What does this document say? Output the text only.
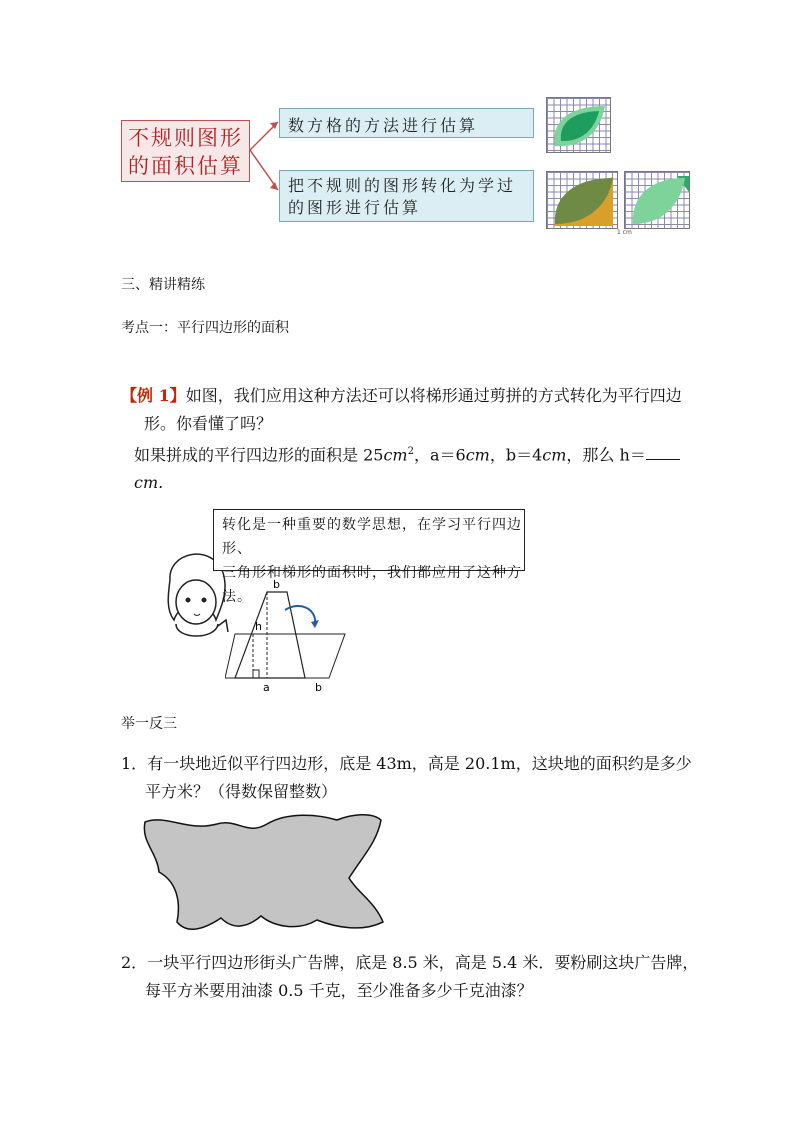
不规则图形的面积估算
数方格的方法进行估算
把不规则的图形转化为学过的图形进行估算
1 cm
三、精讲精练
考点一：平行四边形的面积
【例 1】如图，我们应用这种方法还可以将梯形通过剪拼的方式转化为平行四边
形。你看懂了吗？
如果拼成的平行四边形的面积是 $25cm^2$，a＝6cm，b＝4cm，那么 h＝cm.
转化是一种重要的数学思想，在学习平行四边形、
三角形和梯形的面积时，我们都应用了这种方法。
b
h
a	b
举一反三
1．有一块地近似平行四边形，底是 43m，高是 20.1m，这块地的面积约是多少
平方米？（得数保留整数）
2．一块平行四边形街头广告牌，底是 8.5 米，高是 5.4 米．要粉刷这块广告牌，
每平方米要用油漆 0.5 千克，至少准备多少千克油漆？
